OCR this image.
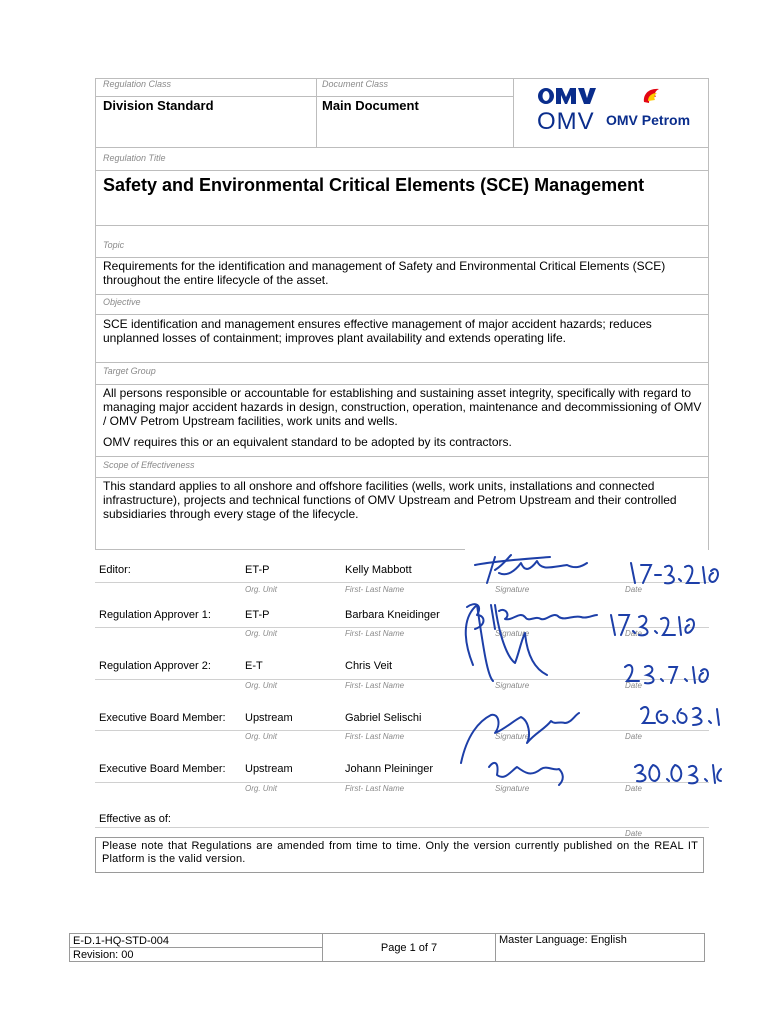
Regulation Class
Division Standard
Document Class
Main Document
OMV OMV Petrom
Regulation Title
Safety and Environmental Critical Elements (SCE) Management
Topic
Requirements for the identification and management of Safety and Environmental Critical Elements (SCE) throughout the entire lifecycle of the asset.
Objective
SCE identification and management ensures effective management of major accident hazards; reduces unplanned losses of containment; improves plant availability and extends operating life.
Target Group
All persons responsible or accountable for establishing and sustaining asset integrity, specifically with regard to managing major accident hazards in design, construction, operation, maintenance and decommissioning of OMV / OMV Petrom Upstream facilities, work units and wells.
OMV requires this or an equivalent standard to be adopted by its contractors.
Scope of Effectiveness
This standard applies to all onshore and offshore facilities (wells, work units, installations and connected infrastructure), projects and technical functions of OMV Upstream and Petrom Upstream and their controlled subsidiaries through every stage of the lifecycle.
Editor:	ET-P	Kelly Mabbott
Org. Unit	First- Last Name	Signature	Date
Regulation Approver 1:	ET-P	Barbara Kneidinger
Org. Unit	First- Last Name	Signature	Date
Regulation Approver 2:	E-T	Chris Veit
Org. Unit	First- Last Name	Signature	Date
Executive Board Member: Upstream	Gabriel Selischi
Org. Unit	First- Last Name	Signature	Date
Executive Board Member: Upstream	Johann Pleininger
Org. Unit	First- Last Name	Signature	Date
Effective as of:
Date
Please note that Regulations are amended from time to time. Only the version currently published on the REAL IT Platform is the valid version.
E-D.1-HQ-STD-004	Page 1 of 7	Master Language: English
Revision: 00
